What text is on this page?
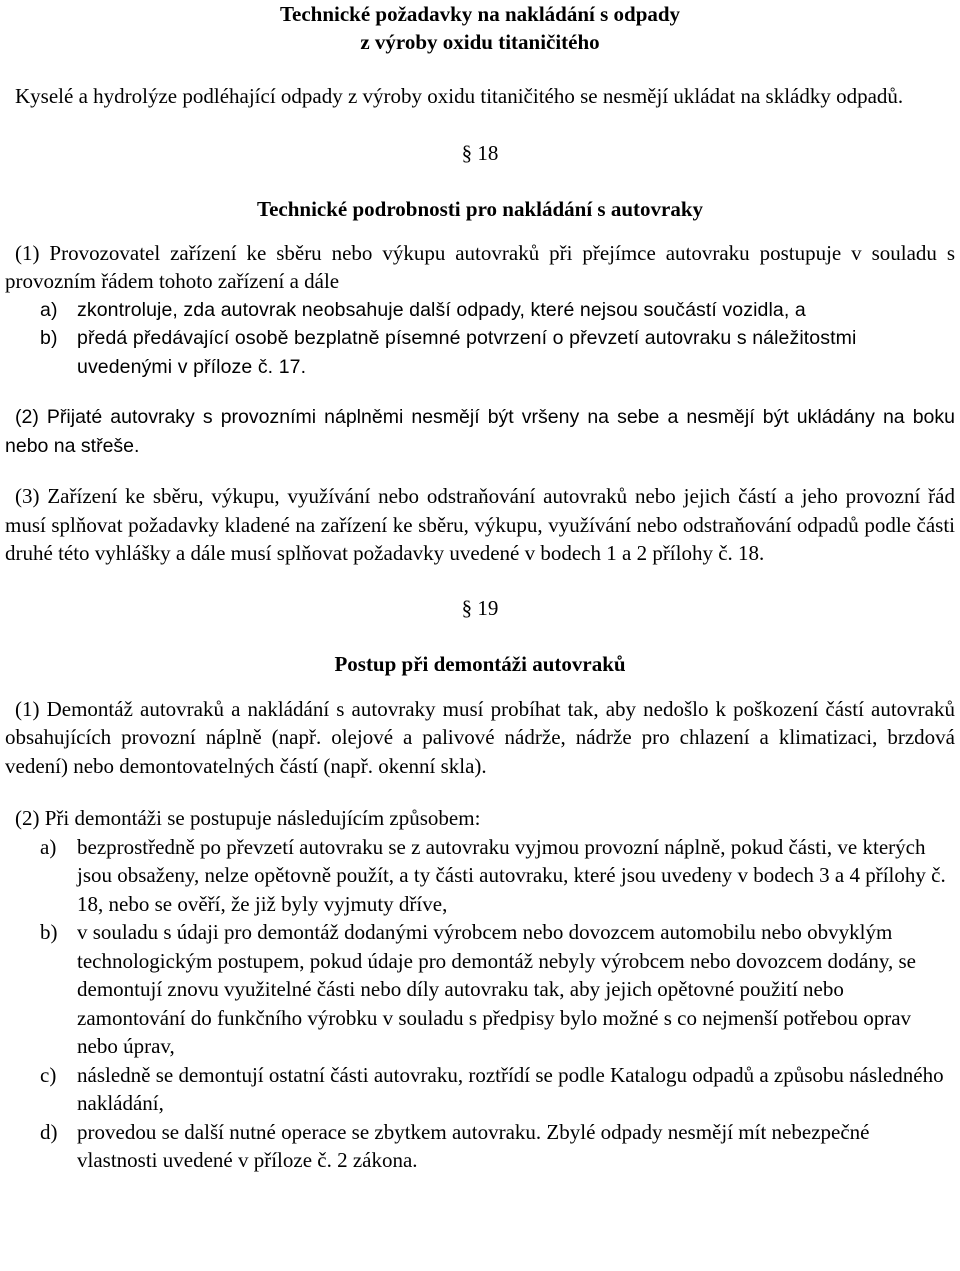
Technické požadavky na nakládání s odpady
z výroby oxidu titaničitého

Kyselé a hydrolýze podléhající odpady z výroby oxidu titaničitého se nesmějí ukládat na skládky odpadů.

§ 18
Technické podrobnosti pro nakládání s autovraky

(1) Provozovatel zařízení ke sběru nebo výkupu autovraků při přejímce autovraku postupuje v souladu s provozním řádem tohoto zařízení a dále

a) zkontroluje, zda autovrak neobsahuje další odpady, které nejsou součástí vozidla, a
b) předá předávající osobě bezplatně písemné potvrzení o převzetí autovraku s náležitostmi uvedenými v příloze č. 17.

(2) Přijaté autovraky s provozními náplněmi nesmějí být vršeny na sebe a nesmějí být ukládány na boku nebo na střeše.

(3) Zařízení ke sběru, výkupu, využívání nebo odstraňování autovraků nebo jejich částí a jeho provozní řád musí splňovat požadavky kladené na zařízení ke sběru, výkupu, využívání nebo odstraňování odpadů podle části druhé této vyhlášky a dále musí splňovat požadavky uvedené v bodech 1 a 2 přílohy č. 18.

§ 19
Postup při demontáži autovraků

(1) Demontáž autovraků a nakládání s autovraky musí probíhat tak, aby nedošlo k poškození částí autovraků obsahujících provozní náplně (např. olejové a palivové nádrže, nádrže pro chlazení a klimatizaci, brzdová vedení) nebo demontovatelných částí (např. okenní skla).

(2) Při demontáži se postupuje následujícím způsobem:

a) bezprostředně po převzetí autovraku se z autovraku vyjmou provozní náplně, pokud části, ve kterých jsou obsaženy, nelze opětovně použít, a ty části autovraku, které jsou uvedeny v bodech 3 a 4 přílohy č. 18, nebo se ověří, že již byly vyjmuty dříve,
b) v souladu s údaji pro demontáž dodanými výrobcem nebo dovozcem automobilu nebo obvyklým technologickým postupem, pokud údaje pro demontáž nebyly výrobcem nebo dovozcem dodány, se demontují znovu využitelné části nebo díly autovraku tak, aby jejich opětovné použití nebo zamontování do funkčního výrobku v souladu s předpisy bylo možné s co nejmenší potřebou oprav nebo úprav,
c) následně se demontují ostatní části autovraku, roztřídí se podle Katalogu odpadů a způsobu následného nakládání,
d) provedou se další nutné operace se zbytkem autovraku. Zbylé odpady nesmějí mít nebezpečné vlastnosti uvedené v příloze č. 2 zákona.
